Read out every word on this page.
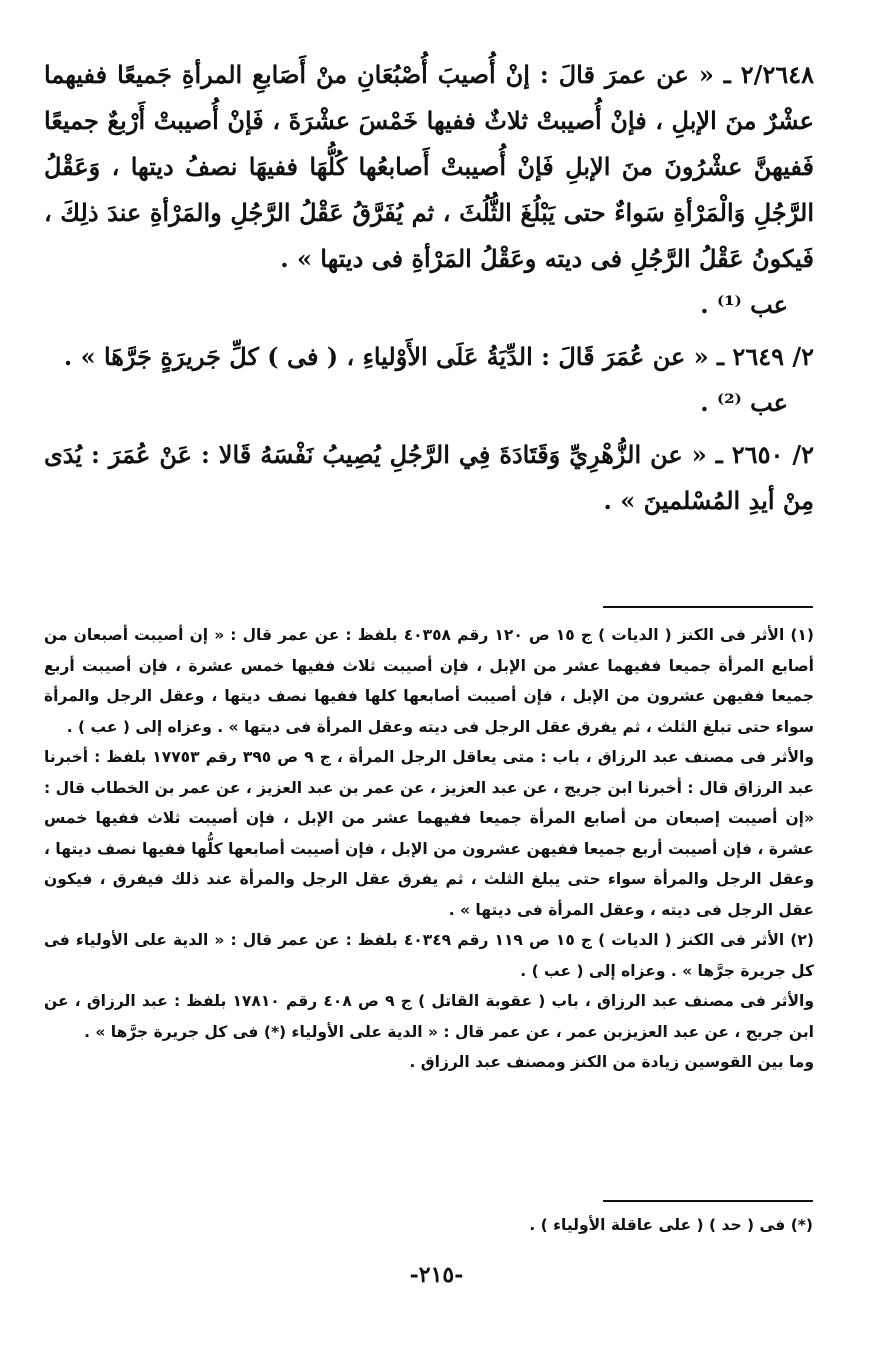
٢/٢٦٤٨ ـ « عن عمرَ قالَ : إنْ أُصيبَ أُصْبُعَانِ منْ أَصَابعِ المرأةِ جَميعًا ففيهما عشْرٌ منَ الإبلِ ، فإنْ أُصيبتْ ثلاثٌ ففيها خَمْسَ عشْرَةَ ، فَإنْ أُصيبتْ أَرْبعٌ جميعًا فَفيهنَّ عشْرُونَ منَ الإبلِ فَإنْ أُصيبتْ أَصابعُها كُلُّهَا ففيهَا نصفُ ديتها ، وَعَقْلُ الرَّجُلِ وَالْمَرْأةِ سَواءٌ حتى يَبْلُغَ الثُّلُثَ ، ثم يُفَرَّقُ عَقْلُ الرَّجُلِ والمَرْأةِ عندَ ذلِكَ ، فَيكونُ عَقْلُ الرَّجُلِ فى ديته وعَقْلُ المَرْأةِ فى ديتها » .

عب ⁽¹⁾ .

٢/ ٢٦٤٩ ـ « عن عُمَرَ قَالَ : الدِّيَةُ عَلَى الأَوْلياءِ ، ( فى ) كلِّ جَريرَةٍ جَرَّهَا » .

عب ⁽²⁾ .

٢/ ٢٦٥٠ ـ « عن الزُّهْرِيِّ وَقَتَادَةَ فِي الرَّجُلِ يُصِيبُ نَفْسَهُ قَالا : عَنْ عُمَرَ : يُدَى مِنْ أيدِ المُسْلمينَ » .

(١) الأثر فى الكنز ( الديات ) ج ١٥ ص ١٢٠ رقم ٤٠٣٥٨ بلفظ : عن عمر قال : « إن أصيبت أصبعان من أصابع المرأة جميعا ففيهما عشر من الإبل ، فإن أصيبت ثلاث ففيها خمس عشرة ، فإن أصيبت أربع جميعا ففيهن عشرون من الإبل ، فإن أصيبت أصابعها كلها ففيها نصف ديتها ، وعقل الرجل والمرأة سواء حتى تبلغ الثلث ، ثم يفرق عقل الرجل فى ديته وعقل المرأة فى ديتها » . وعزاه إلى ( عب ) .

والأثر فى مصنف عبد الرزاق ، باب : متى يعاقل الرجل المرأة ، ج ٩ ص ٣٩٥ رقم ١٧٧٥٣ بلفظ : أخبرنا عبد الرزاق قال : أخبرنا ابن جريج ، عن عبد العزيز ، عن عمر بن عبد العزيز ، عن عمر بن الخطاب قال : «إن أصيبت إصبعان من أصابع المرأة جميعا ففيهما عشر من الإبل ، فإن أصيبت ثلاث ففيها خمس عشرة ، فإن أصيبت أربع جميعا ففيهن عشرون من الإبل ، فإن أصيبت أصابعها كلُّها ففيها نصف ديتها ، وعقل الرجل والمرأة سواء حتى يبلغ الثلث ، ثم يفرق عقل الرجل والمرأة عند ذلك فيفرق ، فيكون عقل الرجل فى ديته ، وعقل المرأة فى ديتها » .

(٢) الأثر فى الكنز ( الديات ) ج ١٥ ص ١١٩ رقم ٤٠٣٤٩ بلفظ : عن عمر قال : « الدية على الأولياء فى كل جريرة جرَّها » . وعزاه إلى ( عب ) .

والأثر فى مصنف عبد الرزاق ، باب ( عقوبة القاتل ) ج ٩ ص ٤٠٨ رقم ١٧٨١٠ بلفظ : عبد الرزاق ، عن ابن جريج ، عن عبد العزيزبن عمر ، عن عمر قال : « الدية على الأولياء (*) فى كل جريرة جرَّها » .

وما بين القوسين زيادة من الكنز ومصنف عبد الرزاق .

(*) فى ( حد ) ( على عاقلة الأولياء ) .
-٢١٥-
